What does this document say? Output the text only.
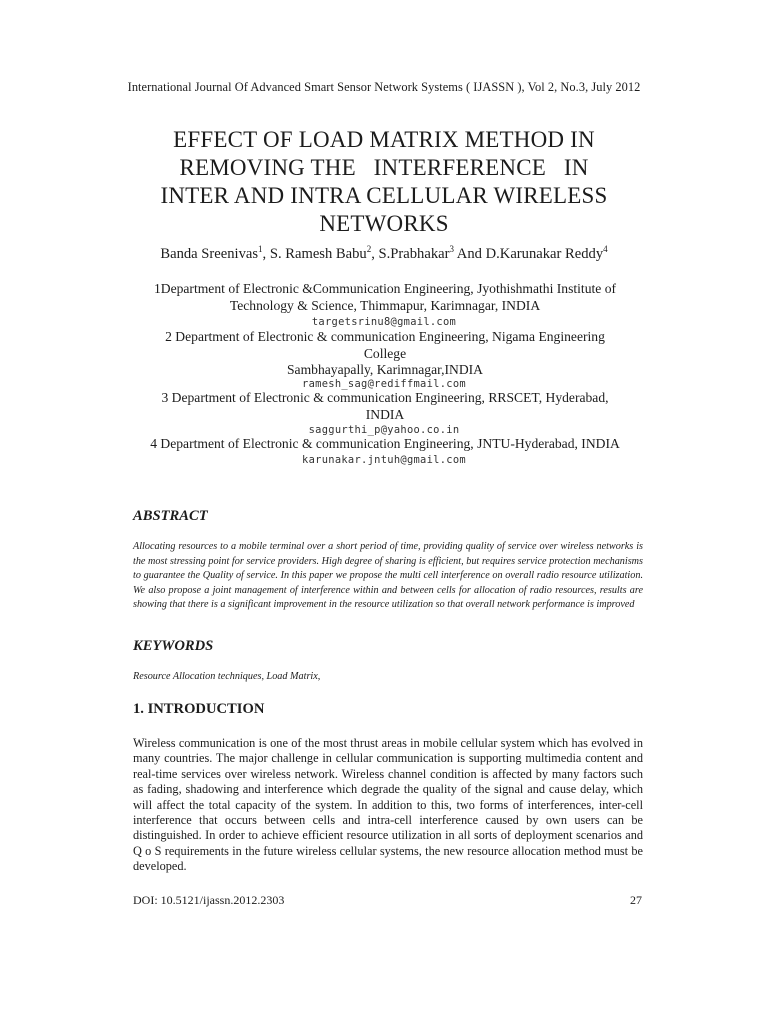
International Journal Of Advanced Smart Sensor Network Systems ( IJASSN ), Vol 2, No.3, July 2012
EFFECT OF LOAD MATRIX METHOD IN
REMOVING THE   INTERFERENCE   IN
INTER AND INTRA CELLULAR WIRELESS
NETWORKS
Banda Sreenivas$^1$, S. Ramesh Babu$^2$, S.Prabhakar$^3$ And D.Karunakar Reddy$^4$
1Department of Electronic &Communication Engineering, Jyothishmathi Institute of
Technology & Science, Thimmapur, Karimnagar, INDIA
targetsrinu8@gmail.com
2 Department of Electronic & communication Engineering, Nigama Engineering
College
Sambhayapally, Karimnagar,INDIA
ramesh_sag@rediffmail.com
3 Department of Electronic & communication Engineering, RRSCET, Hyderabad,
INDIA
saggurthi_p@yahoo.co.in
4 Department of Electronic & communication Engineering, JNTU-Hyderabad, INDIA
karunakar.jntuh@gmail.com
ABSTRACT

Allocating resources to a mobile terminal over a short period of time, providing quality of service over wireless networks is the most stressing point for service providers. High degree of sharing is efficient, but requires service protection mechanisms to guarantee the Quality of service. In this paper we propose the multi cell interference on overall radio resource utilization. We also propose a joint management of interference within and between cells for allocation of radio resources, results are showing that there is a significant improvement in the resource utilization so that overall network performance is improved

KEYWORDS
Resource Allocation techniques, Load Matrix,
1. INTRODUCTION

Wireless communication is one of the most thrust areas in mobile cellular system which has evolved in many countries. The major challenge in cellular communication is supporting multimedia content and real-time services over wireless network. Wireless channel condition is affected by many factors such as fading, shadowing and interference which degrade the quality of the signal and cause delay, which will affect the total capacity of the system. In addition to this, two forms of interferences, inter-cell interference that occurs between cells and intra-cell interference caused by own users can be distinguished. In order to achieve efficient resource utilization in all sorts of deployment scenarios and Q o S requirements in the future wireless cellular systems, the new resource allocation method must be developed.

DOI: 10.5121/ijassn.2012.2303	27
